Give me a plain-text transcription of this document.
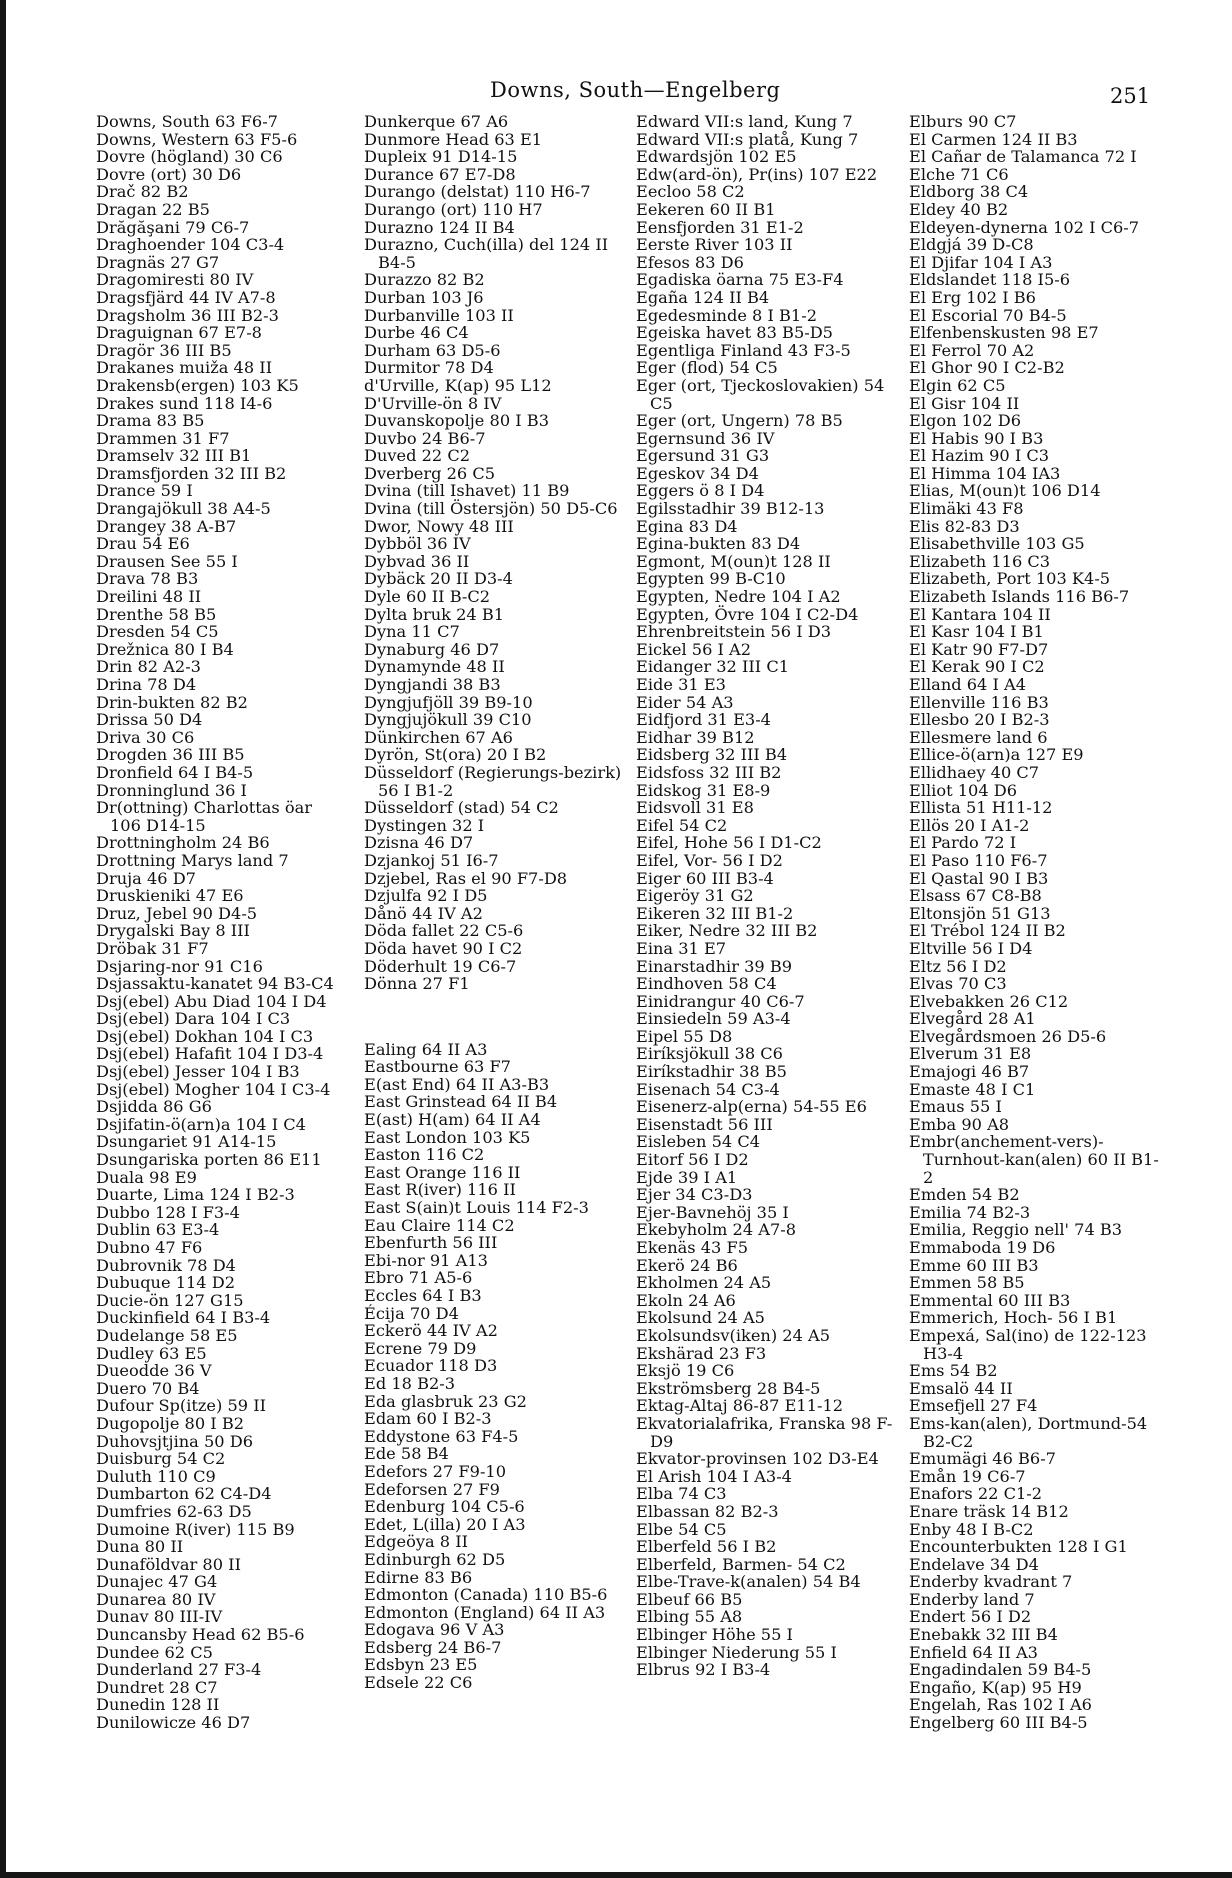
Downs, South—Engelberg	251
Downs, South 63 F6-7
Downs, Western 63 F5-6
Dovre (högland) 30 C6
Dovre (ort) 30 D6
Drač 82 B2
Dragan 22 B5
Drăgăşani 79 C6-7
Draghoender 104 C3-4
Dragnäs 27 G7
Dragomiresti 80 IV
Dragsfjärd 44 IV A7-8
Dragsholm 36 III B2-3
Draguignan 67 E7-8
Dragör 36 III B5
Drakanes muiža 48 II
Drakensb(ergen) 103 K5
Drakes sund 118 I4-6
Drama 83 B5
Drammen 31 F7
Dramselv 32 III B1
Dramsfjorden 32 III B2
Drance 59 I
Drangajökull 38 A4-5
Drangey 38 A-B7
Drau 54 E6
Drausen See 55 I
Drava 78 B3
Dreilini 48 II
Drenthe 58 B5
Dresden 54 C5
Drežnica 80 I B4
Drin 82 A2-3
Drina 78 D4
Drin-bukten 82 B2
Drissa 50 D4
Driva 30 C6
Drogden 36 III B5
Dronfield 64 I B4-5
Dronninglund 36 I
Dr(ottning) Charlottas öar 106 D14-15
Drottningholm 24 B6
Drottning Marys land 7
Druja 46 D7
Druskieniki 47 E6
Druz, Jebel 90 D4-5
Drygalski Bay 8 III
Dröbak 31 F7
Dsjaring-nor 91 C16
Dsjassaktu-kanatet 94 B3-C4
Dsj(ebel) Abu Diad 104 I D4
Dsj(ebel) Dara 104 I C3
Dsj(ebel) Dokhan 104 I C3
Dsj(ebel) Hafafit 104 I D3-4
Dsj(ebel) Jesser 104 I B3
Dsj(ebel) Mogher 104 I C3-4
Dsjidda 86 G6
Dsjifatin-ö(arn)a 104 I C4
Dsungariet 91 A14-15
Dsungariska porten 86 E11
Duala 98 E9
Duarte, Lima 124 I B2-3
Dubbo 128 I F3-4
Dublin 63 E3-4
Dubno 47 F6
Dubrovnik 78 D4
Dubuque 114 D2
Ducie-ön 127 G15
Duckinfield 64 I B3-4
Dudelange 58 E5
Dudley 63 E5
Dueodde 36 V
Duero 70 B4
Dufour Sp(itze) 59 II
Dugopolje 80 I B2
Duhovsjtjina 50 D6
Duisburg 54 C2
Duluth 110 C9
Dumbarton 62 C4-D4
Dumfries 62-63 D5
Dumoine R(iver) 115 B9
Duna 80 II
Dunaföldvar 80 II
Dunajec 47 G4
Dunarea 80 IV
Dunav 80 III-IV
Duncansby Head 62 B5-6
Dundee 62 C5
Dunderland 27 F3-4
Dundret 28 C7
Dunedin 128 II
Dunilowicze 46 D7
Dunkerque 67 A6
Dunmore Head 63 E1
Dupleix 91 D14-15
Durance 67 E7-D8
Durango (delstat) 110 H6-7
Durango (ort) 110 H7
Durazno 124 II B4
Durazno, Cuch(illa) del 124 II B4-5
Durazzo 82 B2
Durban 103 J6
Durbanville 103 II
Durbe 46 C4
Durham 63 D5-6
Durmitor 78 D4
d'Urville, K(ap) 95 L12
D'Urville-ön 8 IV
Duvanskopolje 80 I B3
Duvbo 24 B6-7
Duved 22 C2
Dverberg 26 C5
Dvina (till Ishavet) 11 B9
Dvina (till Östersjön) 50 D5-C6
Dwor, Nowy 48 III
Dybböl 36 IV
Dybvad 36 II
Dybäck 20 II D3-4
Dyle 60 II B-C2
Dylta bruk 24 B1
Dyna 11 C7
Dynaburg 46 D7
Dynamynde 48 II
Dyngjandi 38 B3
Dyngjufjöll 39 B9-10
Dyngjujökull 39 C10
Dünkirchen 67 A6
Dyrön, St(ora) 20 I B2
Düsseldorf (Regierungs-bezirk) 56 I B1-2
Düsseldorf (stad) 54 C2
Dystingen 32 I
Dzisna 46 D7
Dzjankoj 51 I6-7
Dzjebel, Ras el 90 F7-D8
Dzjulfa 92 I D5
Dånö 44 IV A2
Döda fallet 22 C5-6
Döda havet 90 I C2
Döderhult 19 C6-7
Dönna 27 F1
Ealing 64 II A3
Eastbourne 63 F7
E(ast End) 64 II A3-B3
East Grinstead 64 II B4
E(ast) H(am) 64 II A4
East London 103 K5
Easton 116 C2
East Orange 116 II
East R(iver) 116 II
East S(ain)t Louis 114 F2-3
Eau Claire 114 C2
Ebenfurth 56 III
Ebi-nor 91 A13
Ebro 71 A5-6
Eccles 64 I B3
Écija 70 D4
Eckerö 44 IV A2
Ecrene 79 D9
Ecuador 118 D3
Ed 18 B2-3
Eda glasbruk 23 G2
Edam 60 I B2-3
Eddystone 63 F4-5
Ede 58 B4
Edefors 27 F9-10
Edeforsen 27 F9
Edenburg 104 C5-6
Edet, L(illa) 20 I A3
Edgeöya 8 II
Edinburgh 62 D5
Edirne 83 B6
Edmonton (Canada) 110 B5-6
Edmonton (England) 64 II A3
Edogava 96 V A3
Edsberg 24 B6-7
Edsbyn 23 E5
Edsele 22 C6
Edward VII:s land, Kung 7
Edward VII:s platå, Kung 7
Edwardsjön 102 E5
Edw(ard-ön), Pr(ins) 107 E22
Eecloo 58 C2
Eekeren 60 II B1
Eensfjorden 31 E1-2
Eerste River 103 II
Efesos 83 D6
Egadiska öarna 75 E3-F4
Egaña 124 II B4
Egedesminde 8 I B1-2
Egeiska havet 83 B5-D5
Egentliga Finland 43 F3-5
Eger (flod) 54 C5
Eger (ort, Tjeckoslovakien) 54 C5
Eger (ort, Ungern) 78 B5
Egernsund 36 IV
Egersund 31 G3
Egeskov 34 D4
Eggers ö 8 I D4
Egilsstadhir 39 B12-13
Egina 83 D4
Egina-bukten 83 D4
Egmont, M(oun)t 128 II
Egypten 99 B-C10
Egypten, Nedre 104 I A2
Egypten, Övre 104 I C2-D4
Ehrenbreitstein 56 I D3
Eickel 56 I A2
Eidanger 32 III C1
Eide 31 E3
Eider 54 A3
Eidfjord 31 E3-4
Eidhar 39 B12
Eidsberg 32 III B4
Eidsfoss 32 III B2
Eidskog 31 E8-9
Eidsvoll 31 E8
Eifel 54 C2
Eifel, Hohe 56 I D1-C2
Eifel, Vor- 56 I D2
Eiger 60 III B3-4
Eigeröy 31 G2
Eikeren 32 III B1-2
Eiker, Nedre 32 III B2
Eina 31 E7
Einarstadhir 39 B9
Eindhoven 58 C4
Einidrangur 40 C6-7
Einsiedeln 59 A3-4
Eipel 55 D8
Eiríksjökull 38 C6
Eiríkstadhir 38 B5
Eisenach 54 C3-4
Eisenerz-alp(erna) 54-55 E6
Eisenstadt 56 III
Eisleben 54 C4
Eitorf 56 I D2
Ejde 39 I A1
Ejer 34 C3-D3
Ejer-Bavnehöj 35 I
Ekebyholm 24 A7-8
Ekenäs 43 F5
Ekerö 24 B6
Ekholmen 24 A5
Ekoln 24 A6
Ekolsund 24 A5
Ekolsundsv(iken) 24 A5
Ekshärad 23 F3
Eksjö 19 C6
Ekströmsberg 28 B4-5
Ektag-Altaj 86-87 E11-12
Ekvatorialafrika, Franska 98 F-D9
Ekvator-provinsen 102 D3-E4
El Arish 104 I A3-4
Elba 74 C3
Elbassan 82 B2-3
Elbe 54 C5
Elberfeld 56 I B2
Elberfeld, Barmen- 54 C2
Elbe-Trave-k(analen) 54 B4
Elbeuf 66 B5
Elbing 55 A8
Elbinger Höhe 55 I
Elbinger Niederung 55 I
Elbrus 92 I B3-4
Elburs 90 C7
El Carmen 124 II B3
El Cañar de Talamanca 72 I
Elche 71 C6
Eldborg 38 C4
Eldey 40 B2
Eldeyen-dynerna 102 I C6-7
Eldgjá 39 D-C8
El Djifar 104 I A3
Eldslandet 118 I5-6
El Erg 102 I B6
El Escorial 70 B4-5
Elfenbenskusten 98 E7
El Ferrol 70 A2
El Ghor 90 I C2-B2
Elgin 62 C5
El Gisr 104 II
Elgon 102 D6
El Habis 90 I B3
El Hazim 90 I C3
El Himma 104 IA3
Elias, M(oun)t 106 D14
Elimäki 43 F8
Elis 82-83 D3
Elisabethville 103 G5
Elizabeth 116 C3
Elizabeth, Port 103 K4-5
Elizabeth Islands 116 B6-7
El Kantara 104 II
El Kasr 104 I B1
El Katr 90 F7-D7
El Kerak 90 I C2
Elland 64 I A4
Ellenville 116 B3
Ellesbo 20 I B2-3
Ellesmere land 6
Ellice-ö(arn)a 127 E9
Ellidhaey 40 C7
Elliot 104 D6
Ellista 51 H11-12
Ellös 20 I A1-2
El Pardo 72 I
El Paso 110 F6-7
El Qastal 90 I B3
Elsass 67 C8-B8
Eltonsjön 51 G13
El Trébol 124 II B2
Eltville 56 I D4
Eltz 56 I D2
Elvas 70 C3
Elvebakken 26 C12
Elvegård 28 A1
Elvegårdsmoen 26 D5-6
Elverum 31 E8
Emajogi 46 B7
Emaste 48 I C1
Emaus 55 I
Emba 90 A8
Embr(anchement-vers)-Turnhout-kan(alen) 60 II B1-2
Emden 54 B2
Emilia 74 B2-3
Emilia, Reggio nell' 74 B3
Emmaboda 19 D6
Emme 60 III B3
Emmen 58 B5
Emmental 60 III B3
Emmerich, Hoch- 56 I B1
Empexá, Sal(ino) de 122-123 H3-4
Ems 54 B2
Emsalö 44 II
Emsefjell 27 F4
Ems-kan(alen), Dortmund-54 B2-C2
Emumägi 46 B6-7
Emån 19 C6-7
Enafors 22 C1-2
Enare träsk 14 B12
Enby 48 I B-C2
Encounterbukten 128 I G1
Endelave 34 D4
Enderby kvadrant 7
Enderby land 7
Endert 56 I D2
Enebakk 32 III B4
Enfield 64 II A3
Engadindalen 59 B4-5
Engaño, K(ap) 95 H9
Engelah, Ras 102 I A6
Engelberg 60 III B4-5
